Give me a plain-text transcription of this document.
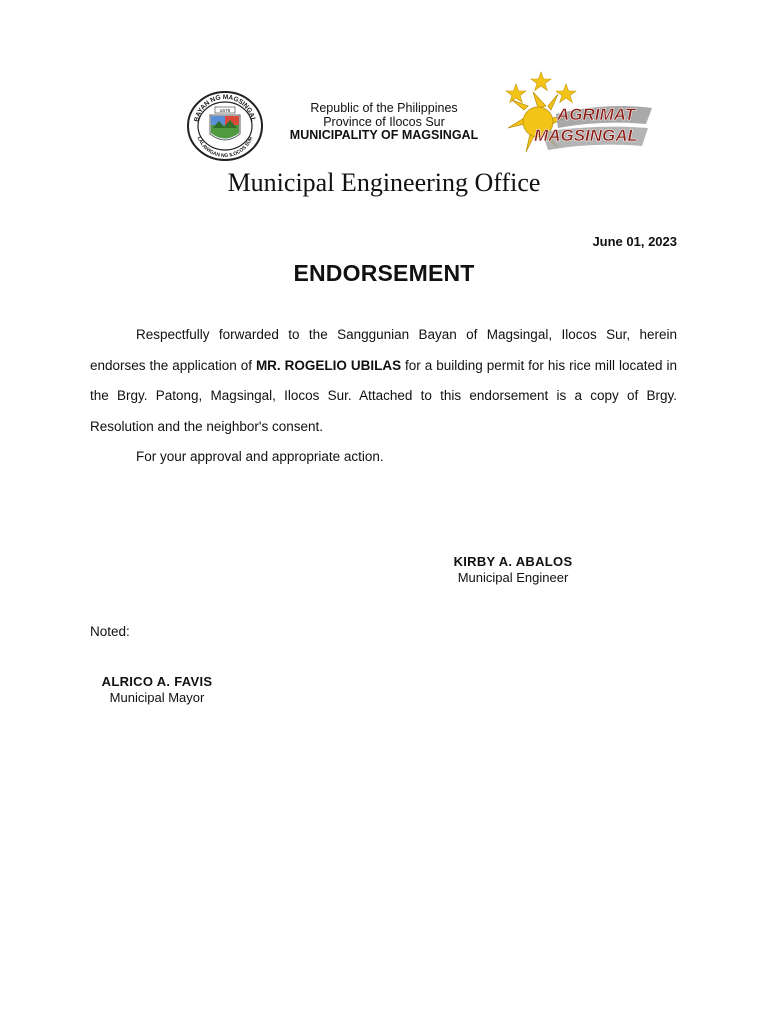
BAYAN NG MAGSINGAL
LALAWIGAN NG ILOCOS SUR
1676	Republic of the Philippines
Province of Ilocos Sur
MUNICIPALITY OF MAGSINGAL
AGRIMAT
MAGSINGAL
Municipal Engineering Office
June 01, 2023
ENDORSEMENT

Respectfully forwarded to the Sanggunian Bayan of Magsingal, Ilocos Sur, herein endorses the application of MR. ROGELIO UBILAS for a building permit for his rice mill located in the Brgy. Patong, Magsingal, Ilocos Sur. Attached to this endorsement is a copy of Brgy. Resolution and the neighbor's consent.

For your approval and appropriate action.
KIRBY A. ABALOS
Municipal Engineer
Noted:
ALRICO A. FAVIS
Municipal Mayor
